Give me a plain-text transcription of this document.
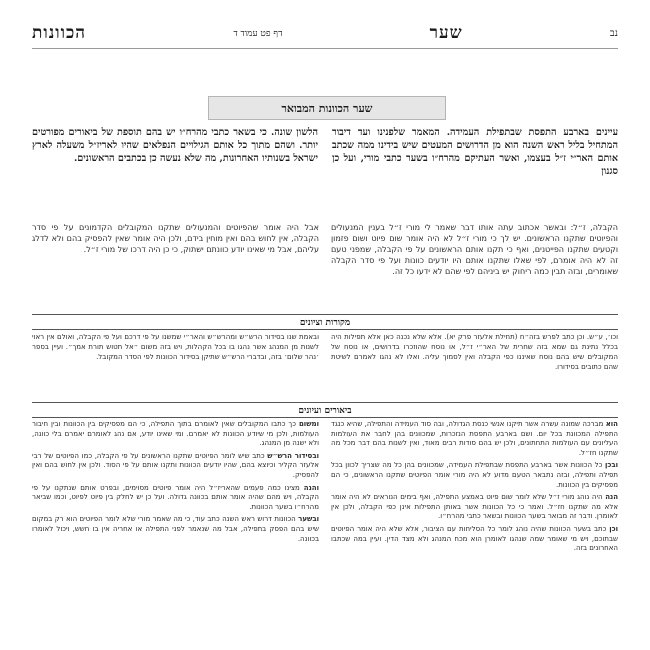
נב
שער
דף פט עמוד ד
הכוונות
שער הכוונות המבואר
עיינים בארבע התפסת שבתפילת העמידה. המאמר שלפנינו ועד דיבור המתחיל בליל ראש השנה הוא מן הדרושים המעטים שיש בידינו ממה שכתב אותם האר״י ז״ל בעצמו, ואשר העתיקם מהרח״ו בשער כתבי מורי, ועל כן סגנון
הלשון שונה. כי בשאר כתבי מהרח״ו יש בהם תוספת של ביאורים מפורטים יותר. ושהם מתוך כל אותם הגילויים הנפלאים שהיו לאריז״ל משעלה לארץ ישראל בשנותיו האחרונות, מה שלא נעשה כן בכתבים הראשונים.
הקבלה, ז״ל: ובאשר אכתוב עתה אותו דבר שאמר לי מורי ז״ל בענין המנעולים והפיוטים שתקנו הראשונים. יש לך כי מורי ז״ל לא היה אומר שום פיוט ושום פזמון וקטעים שתקנו הפייטנים, ואף כי תקנו אותם הראשונים על פי הקבלה, שמפני טעם זה לא היה אומרם, לפי שאלו שתקנו אותם היו יודעים כוונות ועל פי סדר הקבלה שאומרים, ובזה תבין כמה ריחוק יש ביניהם לפי שהם לא ידעו כל זה.
אבל היה אומר שהפיוטים והמנעולים שתקנו המקובלים הקדמונים על פי סדר הקבלה, אין לחוש בהם ואין מוחין בידם, ולכן היה אומר שאין להפסיק בהם ולא לדלג עליהם, אבל מי שאינו יודע כוונתם ישתוק, כי כן היה דרכו של מורי ז״ל.
מקורות וציונים
וכו׳, ע״ש. וכן כתב לפרש בזה״ח (תחילת אלעזר פרק יא). אלא שלא נכנה כאן אלא תפילות היה בכלל נתינת גם שמא בזה שחרית של האר״י ז״ל, או נוסח שהוזכרו בדרושים, או נוסח של המקובלים שיש בהם נוסח שאיננו כפי הקבלה ואין לסמוך עליה. ואלו לא נהגו לאמרם לשיטת שהם כתובים בסידורו.
ובאמת שנו בסידור הרש״ש ומהרש״ש והאר״י שמשנו על פי דרכם ועל פי הקבלה, ואולם אין ראוי לשנות מן המנהג אשר נהגו בו בכל הקהלות, ויש בזה משום ״אל תטוש תורת אמך״. ועיין בספר ׳נהר שלום׳ בזה, ובדברי הרש״ש שתיקן בסידור הכוונות לפי הסדר המקובל.
ביאורים ועיונים

הוא מברכה שמונה עשרה אשר תיקנו אנשי כנסת הגדולה, ובה סוד העמידה והתפילה, שהיא כנגד התפילה המכוונת בכל יום. ושם בארבע התפסת הנזכרות, שמכוונים בהן לחבר את העולמות העליונים עם העולמות התחתונים, ולכן יש בהם סודות רבים מאוד, ואין לשנות בהם דבר מכל מה שתקנו חז״ל.

ובכן כל הכוונות אשר בארבע התפסת שבתפילת העמידה, שמכוונים בהן כל מה שצריך לכוון בכל תפילה ותפילה, ובזה נתבאר הטעם מדוע לא היה מורי אומר הפיוטים שתקנו הראשונים, כי הם מפסיקים בין הכוונות.

הנה היה נוהג מורי ז״ל שלא לומר שום פיוט באמצע התפילה, ואף בימים הנוראים לא היה אומר אלא מה שתקנו חז״ל. ואמר כי כל הכוונות אשר באותן התפילות אינן כפי הקבלה, ולכן אין לאומרן. ודבר זה מבואר בשער הכוונות ובשאר כתבי מהרח״ו.

וכן כתב בשער הכוונות שהיה נוהג לומר כל הסליחות עם הציבור, אלא שלא היה אומר הפיוטים שבתוכם, ויש מי שאומר שמה שנהגו לאומרן הוא מכח המנהג ולא מצד הדין. ועיין במה שכתבו האחרונים בזה.

ומשום כך כתבו המקובלים שאין לאומרם בתוך התפילה, כי הם מפסיקים בין הכוונות ובין חיבור העולמות, ולכן מי שיודע הכוונות לא יאמרם. ומי שאינו יודע, אם נהג לאומרם יאמרם בלי כוונה, ולא ישנה מן המנהג.

ובסידור הרש״ש כתב שיש לומר הפיוטים שתקנו הראשונים על פי הקבלה, כמו הפיוטים של רבי אלעזר הקליר וכיוצא בהם, שהיו יודעים הכוונות ותקנו אותם על פי הסוד. ולכן אין לחוש בהם ואין להפסיק.

והנה מצינו כמה פעמים שהאריז״ל היה אומר פיוטים מסוימים, ובפרט אותם שנתקנו על פי הקבלה, ויש מהם שהיה אומר אותם בכוונה גדולה. ועל כן יש לחלק בין פיוט לפיוט, וכמו שביאר מהרח״ו בשער הכוונות.

ובשער הכוונות דרוש ראש השנה כתב עוד, כי מה שאמר מורי שלא לומר הפיוטים הוא רק במקום שיש בהם הפסק בתפילה, אבל מה שנאמר לפני התפילה או אחריה אין בו חשש, ויכול לאומרו בכוונה.
